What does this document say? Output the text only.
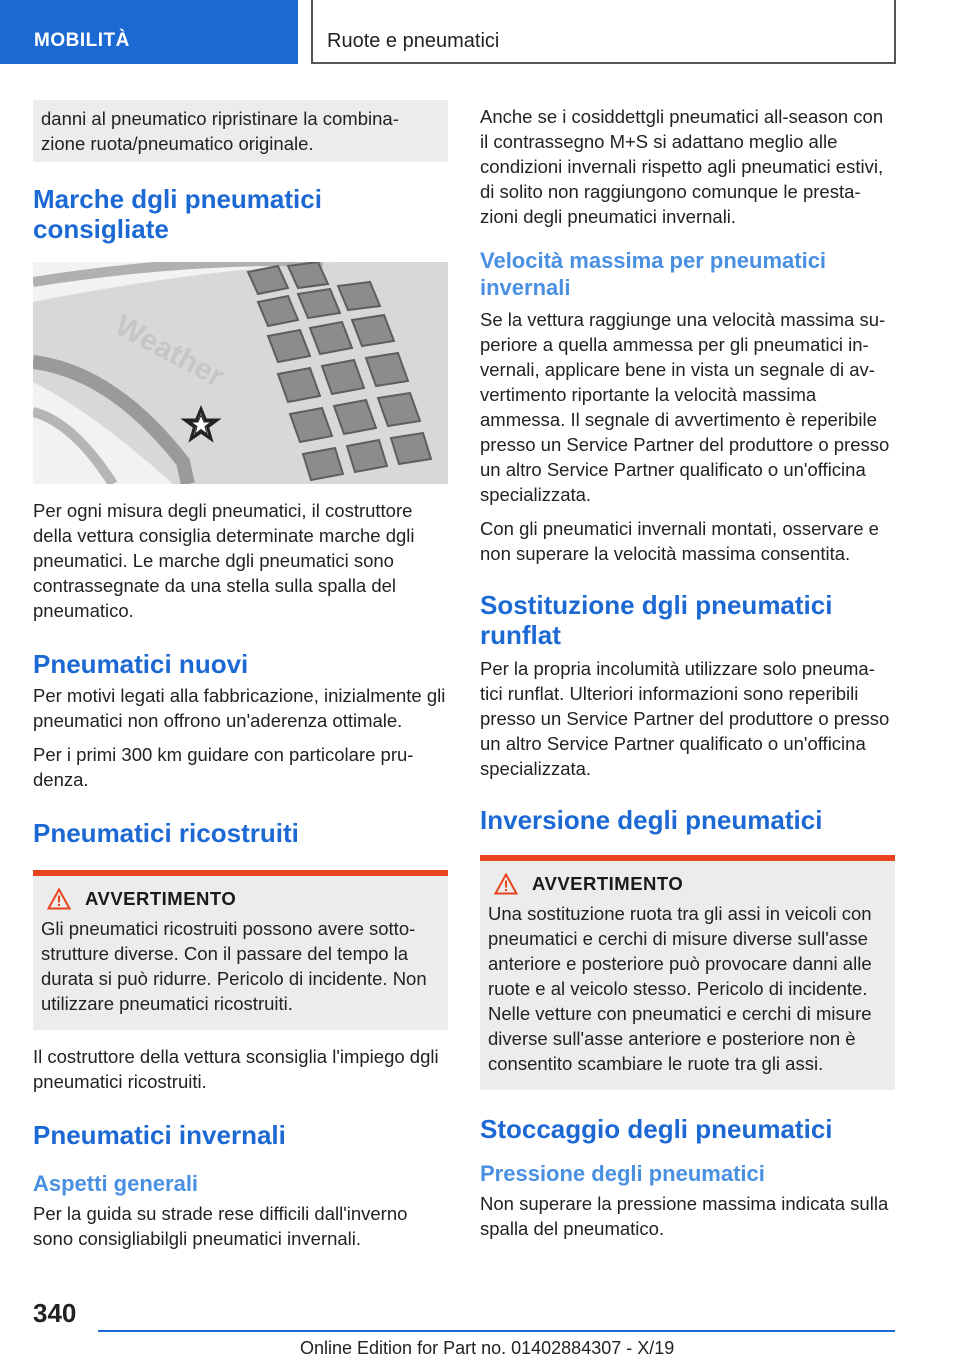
MOBILITÀ	Ruote e pneumatici

danni al pneumatico ripristinare la combina-zione ruota/pneumatico originale.

Marche dgli pneumatici consigliate
Weather

Per ogni misura degli pneumatici, il costruttore della vettura consiglia determinate marche dgli pneumatici. Le marche dgli pneumatici sono contrassegnate da una stella sulla spalla del pneumatico.

Pneumatici nuovi

Per motivi legati alla fabbricazione, inizialmente gli pneumatici non offrono un'aderenza ottimale.

Per i primi 300 km guidare con particolare pru-denza.

Pneumatici ricostruiti
AVVERTIMENTO

Gli pneumatici ricostruiti possono avere sotto-strutture diverse. Con il passare del tempo la durata si può ridurre. Pericolo di incidente. Non utilizzare pneumatici ricostruiti.

Il costruttore della vettura sconsiglia l'impiego dgli pneumatici ricostruiti.

Pneumatici invernali
Aspetti generali

Per la guida su strade rese difficili dall'inverno sono consigliabilgli pneumatici invernali.

Anche se i cosiddettgli pneumatici all-season con il contrassegno M+S si adattano meglio alle condizioni invernali rispetto agli pneumatici estivi, di solito non raggiungono comunque le presta-zioni degli pneumatici invernali.

Velocità massima per pneumatici invernali

Se la vettura raggiunge una velocità massima su-periore a quella ammessa per gli pneumatici in-vernali, applicare bene in vista un segnale di av-vertimento riportante la velocità massima ammessa. Il segnale di avvertimento è reperibile presso un Service Partner del produttore o presso un altro Service Partner qualificato o un'officina specializzata.

Con gli pneumatici invernali montati, osservare e non superare la velocità massima consentita.

Sostituzione dgli pneumatici runflat

Per la propria incolumità utilizzare solo pneuma-tici runflat. Ulteriori informazioni sono reperibili presso un Service Partner del produttore o presso un altro Service Partner qualificato o un'officina specializzata.

Inversione degli pneumatici
AVVERTIMENTO

Una sostituzione ruota tra gli assi in veicoli con pneumatici e cerchi di misure diverse sull'asse anteriore e posteriore può provocare danni alle ruote e al veicolo stesso. Pericolo di incidente. Nelle vetture con pneumatici e cerchi di misure diverse sull'asse anteriore e posteriore non è consentito scambiare le ruote tra gli assi.

Stoccaggio degli pneumatici
Pressione degli pneumatici

Non superare la pressione massima indicata sulla spalla del pneumatico.

340
Online Edition for Part no. 01402884307 - X/19
